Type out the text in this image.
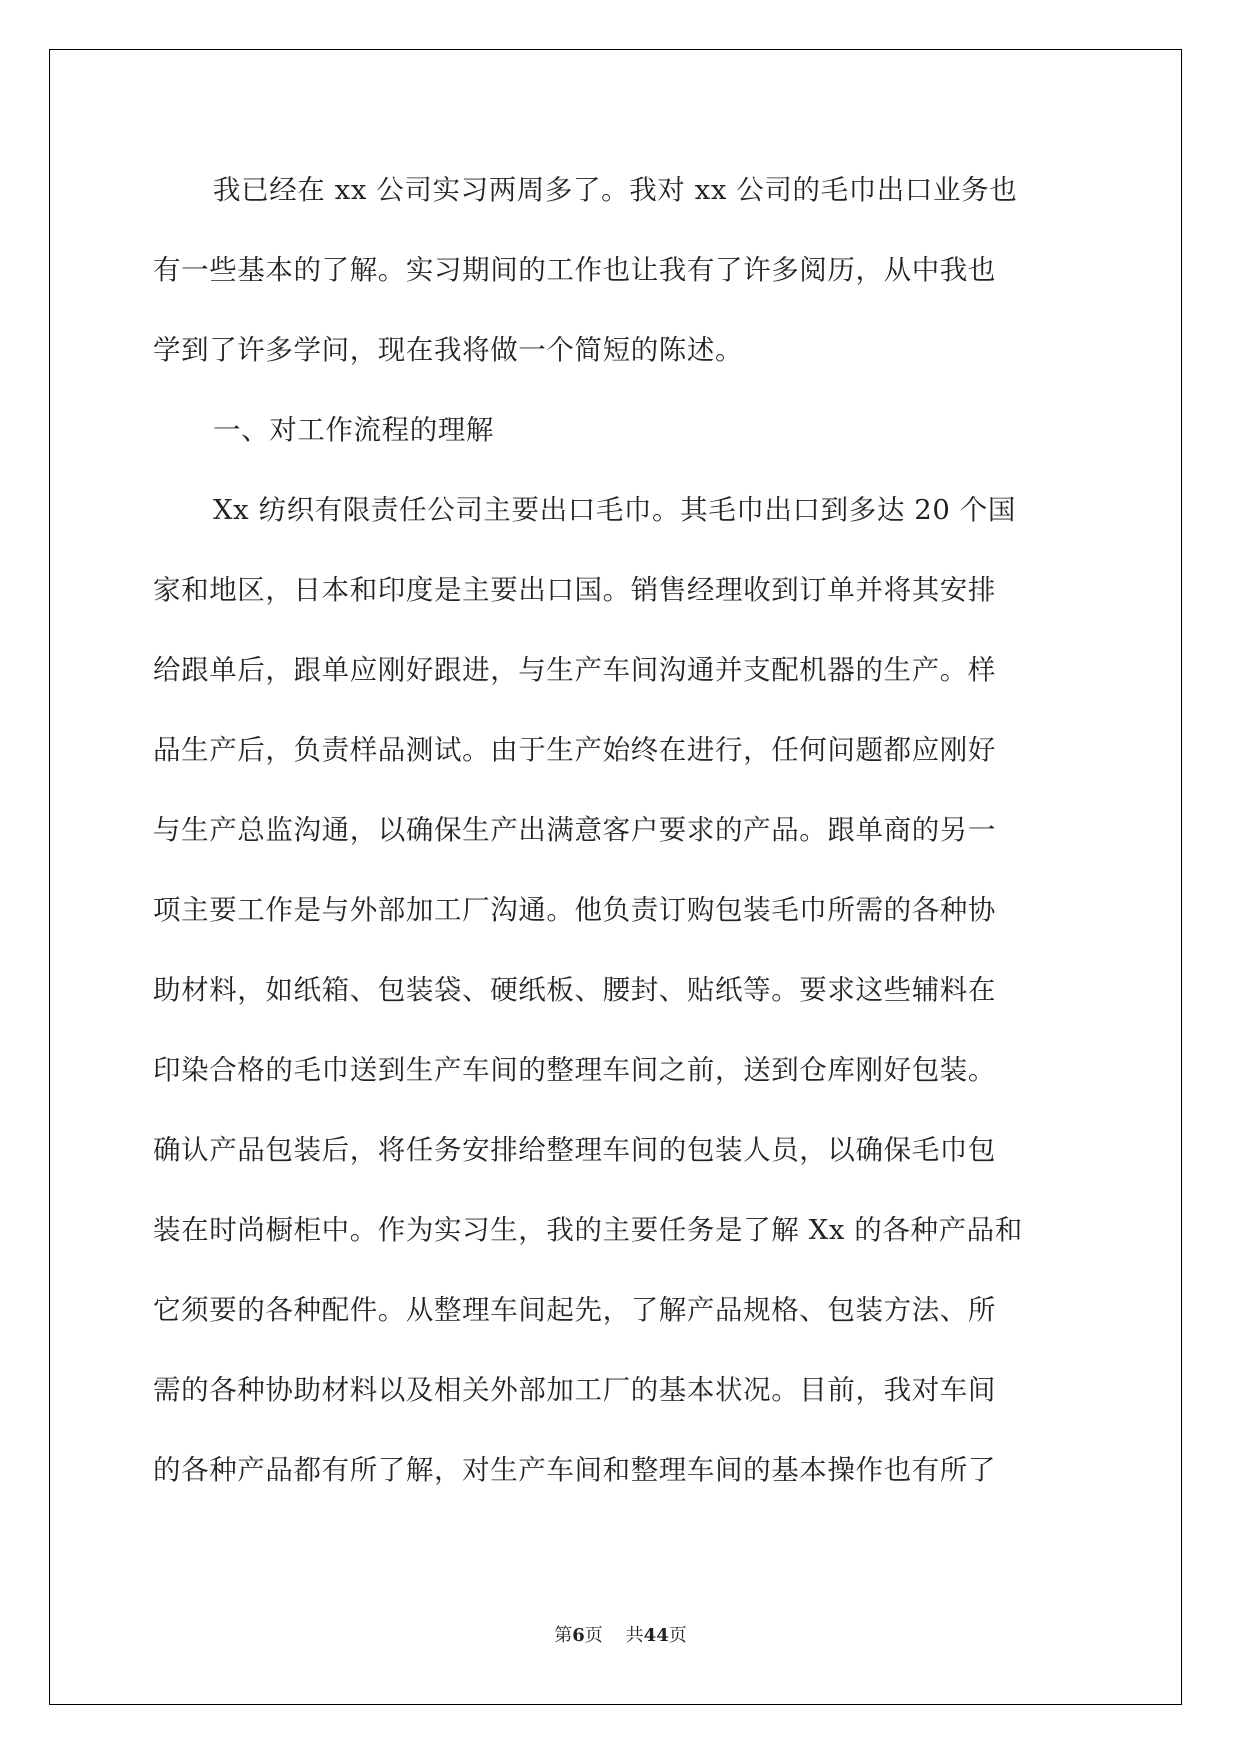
我已经在 xx 公司实习两周多了。我对 xx 公司的毛巾出口业务也
有一些基本的了解。实习期间的工作也让我有了许多阅历，从中我也
学到了许多学问，现在我将做一个简短的陈述。
一、对工作流程的理解
Xx 纺织有限责任公司主要出口毛巾。其毛巾出口到多达 20 个国
家和地区，日本和印度是主要出口国。销售经理收到订单并将其安排
给跟单后，跟单应刚好跟进，与生产车间沟通并支配机器的生产。样
品生产后，负责样品测试。由于生产始终在进行，任何问题都应刚好
与生产总监沟通，以确保生产出满意客户要求的产品。跟单商的另一
项主要工作是与外部加工厂沟通。他负责订购包装毛巾所需的各种协
助材料，如纸箱、包装袋、硬纸板、腰封、贴纸等。要求这些辅料在
印染合格的毛巾送到生产车间的整理车间之前，送到仓库刚好包装。
确认产品包装后，将任务安排给整理车间的包装人员，以确保毛巾包
装在时尚橱柜中。作为实习生，我的主要任务是了解 Xx 的各种产品和
它须要的各种配件。从整理车间起先，了解产品规格、包装方法、所
需的各种协助材料以及相关外部加工厂的基本状况。目前，我对车间
的各种产品都有所了解，对生产车间和整理车间的基本操作也有所了
第6页 共44页
